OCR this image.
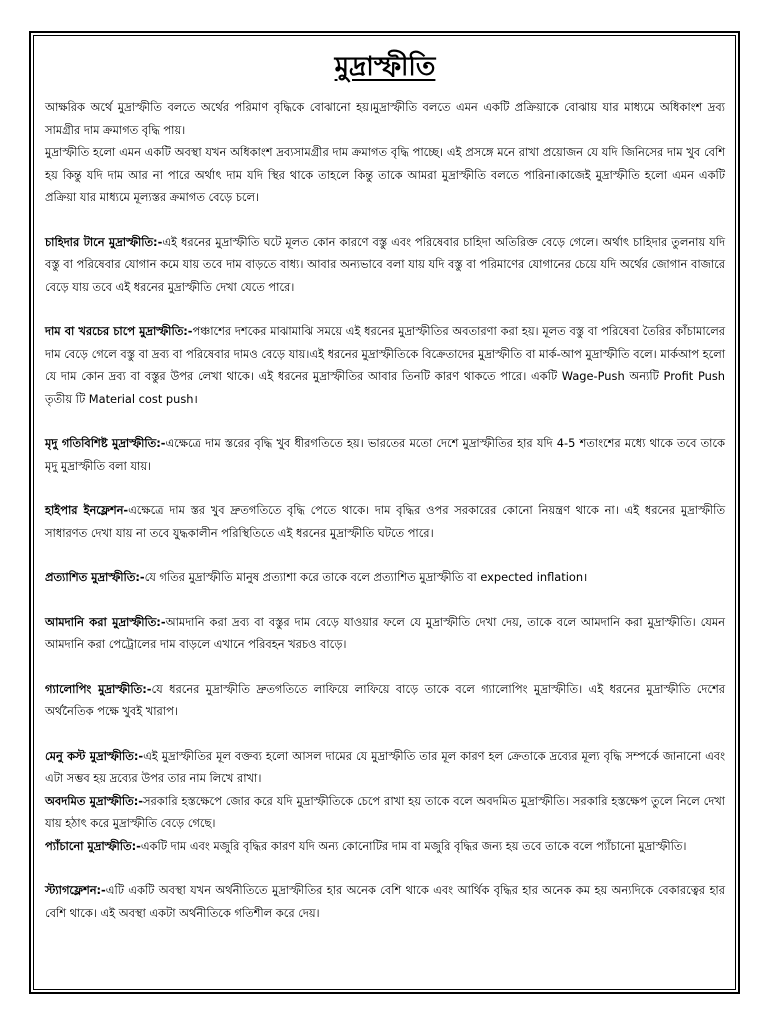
মুদ্রাস্ফীতি

আক্ষরিক অর্থে মুদ্রাস্ফীতি বলতে অর্থের পরিমাণ বৃদ্ধিকে বোঝানো হয়।মুদ্রাস্ফীতি বলতে এমন একটি প্রক্রিয়াকে বোঝায় যার মাধ্যমে অধিকাংশ দ্রব্য সামগ্রীর দাম ক্রমাগত বৃদ্ধি পায়।

মুদ্রাস্ফীতি হলো এমন একটি অবস্থা যখন অধিকাংশ দ্রব্যসামগ্রীর দাম ক্রমাগত বৃদ্ধি পাচ্ছে। এই প্রসঙ্গে মনে রাখা প্রয়োজন যে যদি জিনিসের দাম খুব বেশি হয় কিন্তু যদি দাম আর না পারে অর্থাৎ দাম যদি স্থির থাকে তাহলে কিন্তু তাকে আমরা মুদ্রাস্ফীতি বলতে পারিনা।কাজেই মুদ্রাস্ফীতি হলো এমন একটি প্রক্রিয়া যার মাধ্যমে মূল্যস্তর ক্রমাগত বেড়ে চলে।

চাহিদার টানে মুদ্রাস্ফীতি:-এই ধরনের মুদ্রাস্ফীতি ঘটে মূলত কোন কারণে বস্তু এবং পরিষেবার চাহিদা অতিরিক্ত বেড়ে গেলে। অর্থাৎ চাহিদার তুলনায় যদি বস্তু বা পরিষেবার যোগান কমে যায় তবে দাম বাড়তে বাধ্য। আবার অন্যভাবে বলা যায় যদি বস্তু বা পরিমাণের যোগানের চেয়ে যদি অর্থের জোগান বাজারে বেড়ে যায় তবে এই ধরনের মুদ্রাস্ফীতি দেখা যেতে পারে।

দাম বা খরচের চাপে মুদ্রাস্ফীতি:-পঞ্চাশের দশকের মাঝামাঝি সময়ে এই ধরনের মুদ্রাস্ফীতির অবতারণা করা হয়। মূলত বস্তু বা পরিষেবা তৈরির কাঁচামালের দাম বেড়ে গেলে বস্তু বা দ্রব্য বা পরিষেবার দামও বেড়ে যায়।এই ধরনের মুদ্রাস্ফীতিকে বিক্রেতাদের মুদ্রাস্ফীতি বা মার্ক-আপ মুদ্রাস্ফীতি বলে। মার্কআপ হলো যে দাম কোন দ্রব্য বা বস্তুর উপর লেখা থাকে। এই ধরনের মুদ্রাস্ফীতির আবার তিনটি কারণ থাকতে পারে। একটি Wage-Push অন্যটি Profit Push তৃতীয় টি Material cost push।

মৃদু গতিবিশিষ্ট মুদ্রাস্ফীতি:-এক্ষেত্রে দাম স্তরের বৃদ্ধি খুব ধীরগতিতে হয়। ভারতের মতো দেশে মুদ্রাস্ফীতির হার যদি 4-5 শতাংশের মধ্যে থাকে তবে তাকে মৃদু মুদ্রাস্ফীতি বলা যায়।

হাইপার ইনফ্লেশন-এক্ষেত্রে দাম স্তর খুব দ্রুতগতিতে বৃদ্ধি পেতে থাকে। দাম বৃদ্ধির ওপর সরকারের কোনো নিয়ন্ত্রণ থাকে না। এই ধরনের মুদ্রাস্ফীতি সাধারণত দেখা যায় না তবে যুদ্ধকালীন পরিস্থিতিতে এই ধরনের মুদ্রাস্ফীতি ঘটতে পারে।

প্রত্যাশিত মুদ্রাস্ফীতি:-যে গতির মুদ্রাস্ফীতি মানুষ প্রত্যাশা করে তাকে বলে প্রত্যাশিত মুদ্রাস্ফীতি বা expected inflation।

আমদানি করা মুদ্রাস্ফীতি:-আমদানি করা দ্রব্য বা বস্তুর দাম বেড়ে যাওয়ার ফলে যে মুদ্রাস্ফীতি দেখা দেয়, তাকে বলে আমদানি করা মুদ্রাস্ফীতি। যেমন আমদানি করা পেট্রোলের দাম বাড়লে এখানে পরিবহন খরচও বাড়ে।

গ্যালোপিং মুদ্রাস্ফীতি:-যে ধরনের মুদ্রাস্ফীতি দ্রুতগতিতে লাফিয়ে লাফিয়ে বাড়ে তাকে বলে গ্যালোপিং মুদ্রাস্ফীতি। এই ধরনের মুদ্রাস্ফীতি দেশের অর্থনৈতিক পক্ষে খুবই খারাপ।

মেনু কস্ট মুদ্রাস্ফীতি:-এই মুদ্রাস্ফীতির মূল বক্তব্য হলো আসল দামের যে মুদ্রাস্ফীতি তার মূল কারণ হল ক্রেতাকে দ্রব্যের মূল্য বৃদ্ধি সম্পর্কে জানানো এবং এটা সম্ভব হয় দ্রব্যের উপর তার নাম লিখে রাখা।

অবদমিত মুদ্রাস্ফীতি:-সরকারি হস্তক্ষেপে জোর করে যদি মুদ্রাস্ফীতিকে চেপে রাখা হয় তাকে বলে অবদমিত মুদ্রাস্ফীতি। সরকারি হস্তক্ষেপ তুলে নিলে দেখা যায় হঠাৎ করে মুদ্রাস্ফীতি বেড়ে গেছে।

প্যাঁচানো মুদ্রাস্ফীতি:-একটি দাম এবং মজুরি বৃদ্ধির কারণ যদি অন্য কোনোটির দাম বা মজুরি বৃদ্ধির জন্য হয় তবে তাকে বলে প্যাঁচানো মুদ্রাস্ফীতি।

স্ট্যাগফ্লেশন:-এটি একটি অবস্থা যখন অর্থনীতিতে মুদ্রাস্ফীতির হার অনেক বেশি থাকে এবং আর্থিক বৃদ্ধির হার অনেক কম হয় অন্যদিকে বেকারত্বের হার বেশি থাকে। এই অবস্থা একটা অর্থনীতিকে গতিশীল করে দেয়।
